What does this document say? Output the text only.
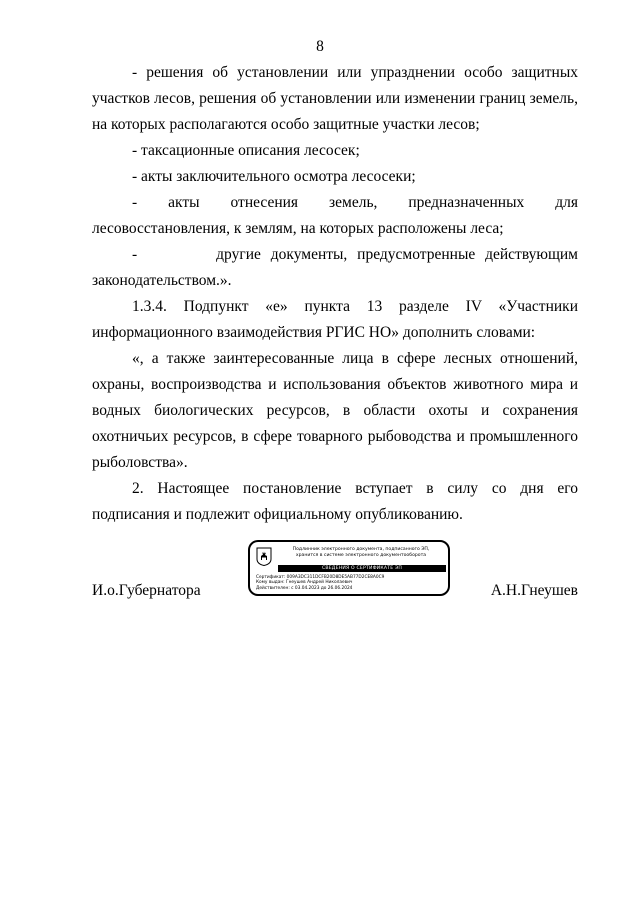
8

- решения об установлении или упразднении особо защитных участков лесов, решения об установлении или изменении границ земель, на которых располагаются особо защитные участки лесов;

- таксационные описания лесосек;

- акты заключительного осмотра лесосеки;

- акты отнесения земель, предназначенных для лесовосстановления, к землям, на которых расположены леса;

-        другие документы, предусмотренные действующим законодательством.».

1.3.4. Подпункт «е» пункта 13 разделе IV «Участники информационного взаимодействия РГИС НО» дополнить словами:

«, а также заинтересованные лица в сфере лесных отношений, охраны, воспроизводства и использования объектов животного мира и водных биологических ресурсов, в области охоты и сохранения охотничьих ресурсов, в сфере товарного рыбоводства и промышленного рыболовства».

2. Настоящее постановление вступает в силу со дня его подписания и подлежит официальному опубликованию.

И.о.Губернатора	А.Н.Гнеушев
Подлинник электронного документа, подписанного ЭП,
хранится в системе электронного документооборота
СВЕДЕНИЯ О СЕРТИФИКАТЕ ЭП
Сертификат: 009A3DC311DCFB20D8DE5AB77D2CE8A0C9
Кому выдан: Гнеушев Андрей Николаевич
Действителен: с 03.04.2023 до 26.06.2024
